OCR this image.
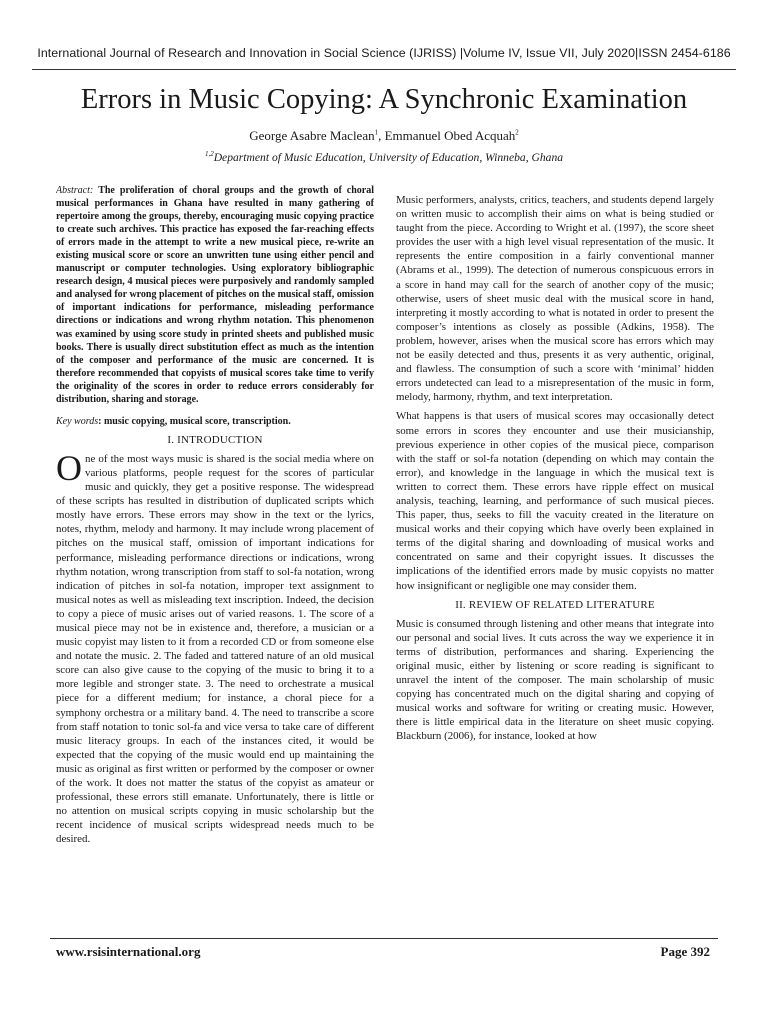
International Journal of Research and Innovation in Social Science (IJRISS) |Volume IV, Issue VII, July 2020|ISSN 2454-6186
Errors in Music Copying: A Synchronic Examination
George Asabre Maclean$^1$, Emmanuel Obed Acquah$^2$
$^{1,2}$Department of Music Education, University of Education, Winneba, Ghana

Abstract: The proliferation of choral groups and the growth of choral musical performances in Ghana have resulted in many gathering of repertoire among the groups, thereby, encouraging music copying practice to create such archives. This practice has exposed the far-reaching effects of errors made in the attempt to write a new musical piece, re-write an existing musical score or score an unwritten tune using either pencil and manuscript or computer technologies. Using exploratory bibliographic research design, 4 musical pieces were purposively and randomly sampled and analysed for wrong placement of pitches on the musical staff, omission of important indications for performance, misleading performance directions or indications and wrong rhythm notation. This phenomenon was examined by using score study in printed sheets and published music books. There is usually direct substitution effect as much as the intention of the composer and performance of the music are concerned. It is therefore recommended that copyists of musical scores take time to verify the originality of the scores in order to reduce errors considerably for distribution, sharing and storage.

Key words: music copying, musical score, transcription.

I. INTRODUCTION

One of the most ways music is shared is the social media where on various platforms, people request for the scores of particular music and quickly, they get a positive response. The widespread of these scripts has resulted in distribution of duplicated scripts which mostly have errors. These errors may show in the text or the lyrics, notes, rhythm, melody and harmony. It may include wrong placement of pitches on the musical staff, omission of important indications for performance, misleading performance directions or indications, wrong rhythm notation, wrong transcription from staff to sol-fa notation, wrong indication of pitches in sol-fa notation, improper text assignment to musical notes as well as misleading text inscription. Indeed, the decision to copy a piece of music arises out of varied reasons. 1. The score of a musical piece may not be in existence and, therefore, a musician or a music copyist may listen to it from a recorded CD or from someone else and notate the music. 2. The faded and tattered nature of an old musical score can also give cause to the copying of the music to bring it to a more legible and stronger state. 3. The need to orchestrate a musical piece for a different medium; for instance, a choral piece for a symphony orchestra or a military band. 4. The need to transcribe a score from staff notation to tonic sol-fa and vice versa to take care of different music literacy groups. In each of the instances cited, it would be expected that the copying of the music would end up maintaining the music as original as first written or performed by the composer or owner of the work. It does not matter the status of the copyist as amateur or professional, these errors still emanate. Unfortunately, there is little or no attention on musical scripts copying in music scholarship but the recent incidence of musical scripts widespread needs much to be desired.

Music performers, analysts, critics, teachers, and students depend largely on written music to accomplish their aims on what is being studied or taught from the piece. According to Wright et al. (1997), the score sheet provides the user with a high level visual representation of the music. It represents the entire composition in a fairly conventional manner (Abrams et al., 1999). The detection of numerous conspicuous errors in a score in hand may call for the search of another copy of the music; otherwise, users of sheet music deal with the musical score in hand, interpreting it mostly according to what is notated in order to present the composer’s intentions as closely as possible (Adkins, 1958). The problem, however, arises when the musical score has errors which may not be easily detected and thus, presents it as very authentic, original, and flawless. The consumption of such a score with ‘minimal’ hidden errors undetected can lead to a misrepresentation of the music in form, melody, harmony, rhythm, and text interpretation.

What happens is that users of musical scores may occasionally detect some errors in scores they encounter and use their musicianship, previous experience in other copies of the musical piece, comparison with the staff or sol-fa notation (depending on which may contain the error), and knowledge in the language in which the musical text is written to correct them. These errors have ripple effect on musical analysis, teaching, learning, and performance of such musical pieces. This paper, thus, seeks to fill the vacuity created in the literature on musical works and their copying which have overly been explained in terms of the digital sharing and downloading of musical works and concentrated on same and their copyright issues. It discusses the implications of the identified errors made by music copyists no matter how insignificant or negligible one may consider them.

II. REVIEW OF RELATED LITERATURE

Music is consumed through listening and other means that integrate into our personal and social lives. It cuts across the way we experience it in terms of distribution, performances and sharing. Experiencing the original music, either by listening or score reading is significant to unravel the intent of the composer. The main scholarship of music copying has concentrated much on the digital sharing and copying of musical works and software for writing or creating music. However, there is little empirical data in the literature on sheet music copying. Blackburn (2006), for instance, looked at how

www.rsisinternational.org	Page 392
